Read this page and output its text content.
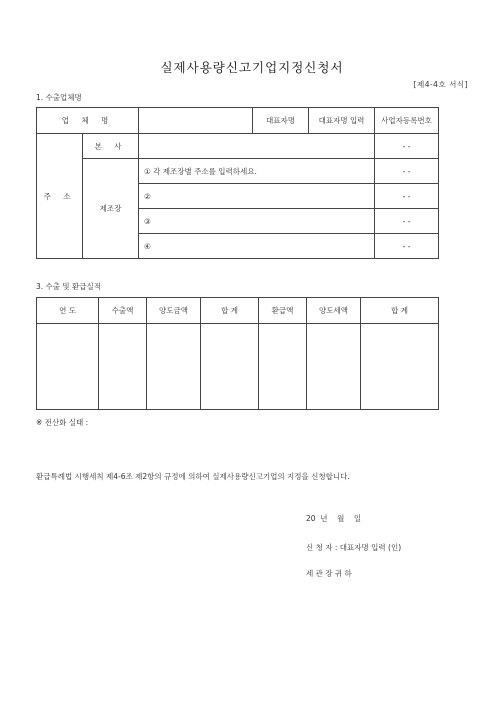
실제사용량신고기업지정신청서
[제4-4호 서식]
1. 수출업체명
업 체 명			대표자명	대표자명 입력	사업자등록번호
주 소	본 사				- -
	제조장	① 각 제조장별 주소를 입력하세요.			- -
		②			- -
		③			- -
		④			- -
3. 수출 및 환급실적
연 도	수출액	양도금액	합 계	환급액	양도세액	합 계

※ 전산화 실태 :
환급특례법 시행세칙 제4-6조 제2항의 규정에 의하여 실제사용량신고기업의 지정을 신청합니다.
20  년    월    일
신 청 자 : 대표자명 입력 (인)
세 관 장 귀 하
